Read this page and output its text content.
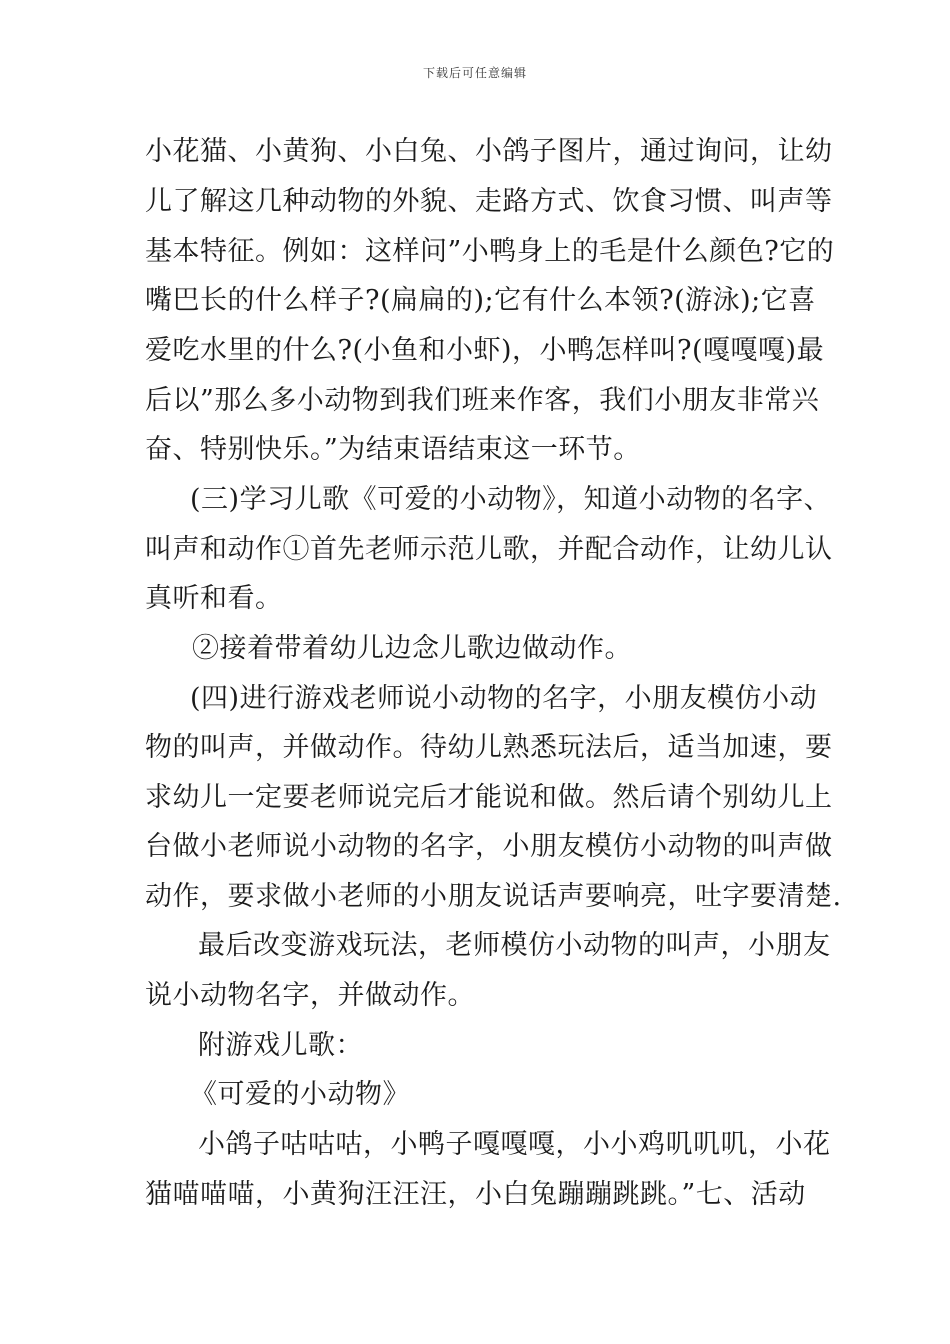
下载后可任意编辑
小花猫、小黄狗、小白兔、小鸽子图片，通过询问，让幼
儿了解这几种动物的外貌、走路方式、饮食习惯、叫声等
基本特征。例如：这样问”小鸭身上的毛是什么颜色?它的
嘴巴长的什么样子?(扁扁的);它有什么本领?(游泳);它喜
爱吃水里的什么?(小鱼和小虾)，小鸭怎样叫?(嘎嘎嘎)最
后以”那么多小动物到我们班来作客，我们小朋友非常兴
奋、特别快乐。”为结束语结束这一环节。
(三)学习儿歌《可爱的小动物》，知道小动物的名字、
叫声和动作①首先老师示范儿歌，并配合动作，让幼儿认
真听和看。
②接着带着幼儿边念儿歌边做动作。
(四)进行游戏老师说小动物的名字，小朋友模仿小动
物的叫声，并做动作。待幼儿熟悉玩法后，适当加速，要
求幼儿一定要老师说完后才能说和做。然后请个别幼儿上
台做小老师说小动物的名字，小朋友模仿小动物的叫声做
动作，要求做小老师的小朋友说话声要响亮，吐字要清楚.
最后改变游戏玩法，老师模仿小动物的叫声，小朋友
说小动物名字，并做动作。
附游戏儿歌：
《可爱的小动物》
小鸽子咕咕咕，小鸭子嘎嘎嘎，小小鸡叽叽叽，小花
猫喵喵喵，小黄狗汪汪汪，小白兔蹦蹦跳跳。”七、活动
